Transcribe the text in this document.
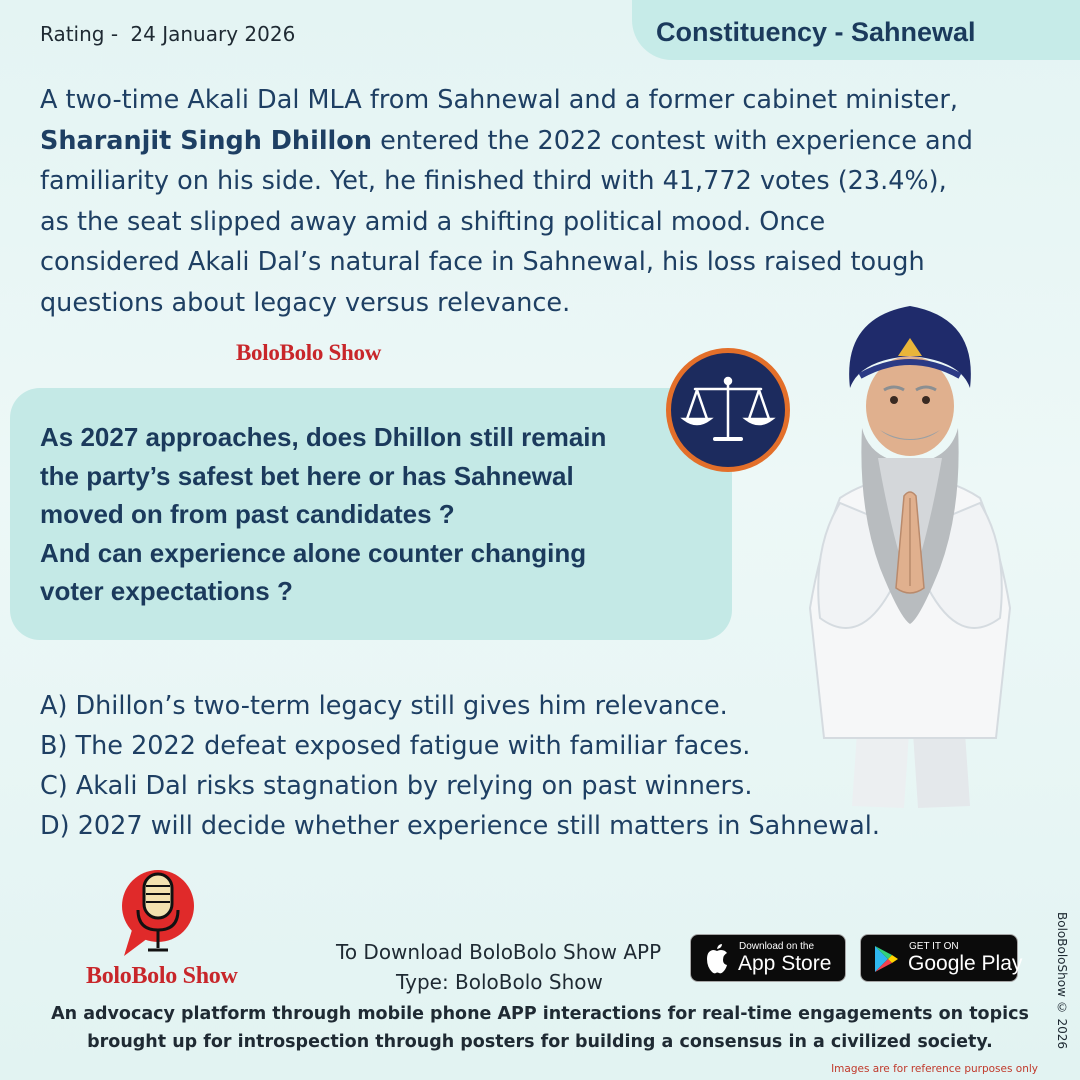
Rating - 24 January 2026	Constituency - Sahnewal
A two-time Akali Dal MLA from Sahnewal and a former cabinet minister,
Sharanjit Singh Dhillon entered the 2022 contest with experience and
familiarity on his side. Yet, he finished third with 41,772 votes (23.4%),
as the seat slipped away amid a shifting political mood. Once
considered Akali Dal’s natural face in Sahnewal, his loss raised tough
questions about legacy versus relevance.
BoloBolo Show
As 2027 approaches, does Dhillon still remain
the party’s safest bet here or has Sahnewal
moved on from past candidates ?
And can experience alone counter changing
voter expectations ?
A) Dhillon’s two-term legacy still gives him relevance.
B) The 2022 defeat exposed fatigue with familiar faces.
C) Akali Dal risks stagnation by relying on past winners.
D) 2027 will decide whether experience still matters in Sahnewal.
BoloBolo Show
To Download BoloBolo Show APP
Type: BoloBolo Show
Download on the
App Store
GET IT ON
Google Play
An advocacy platform through mobile phone APP interactions for real-time engagements on topics
brought up for introspection through posters for building a consensus in a civilized society.	BoloBoloShow © 2026
Images are for reference purposes only
